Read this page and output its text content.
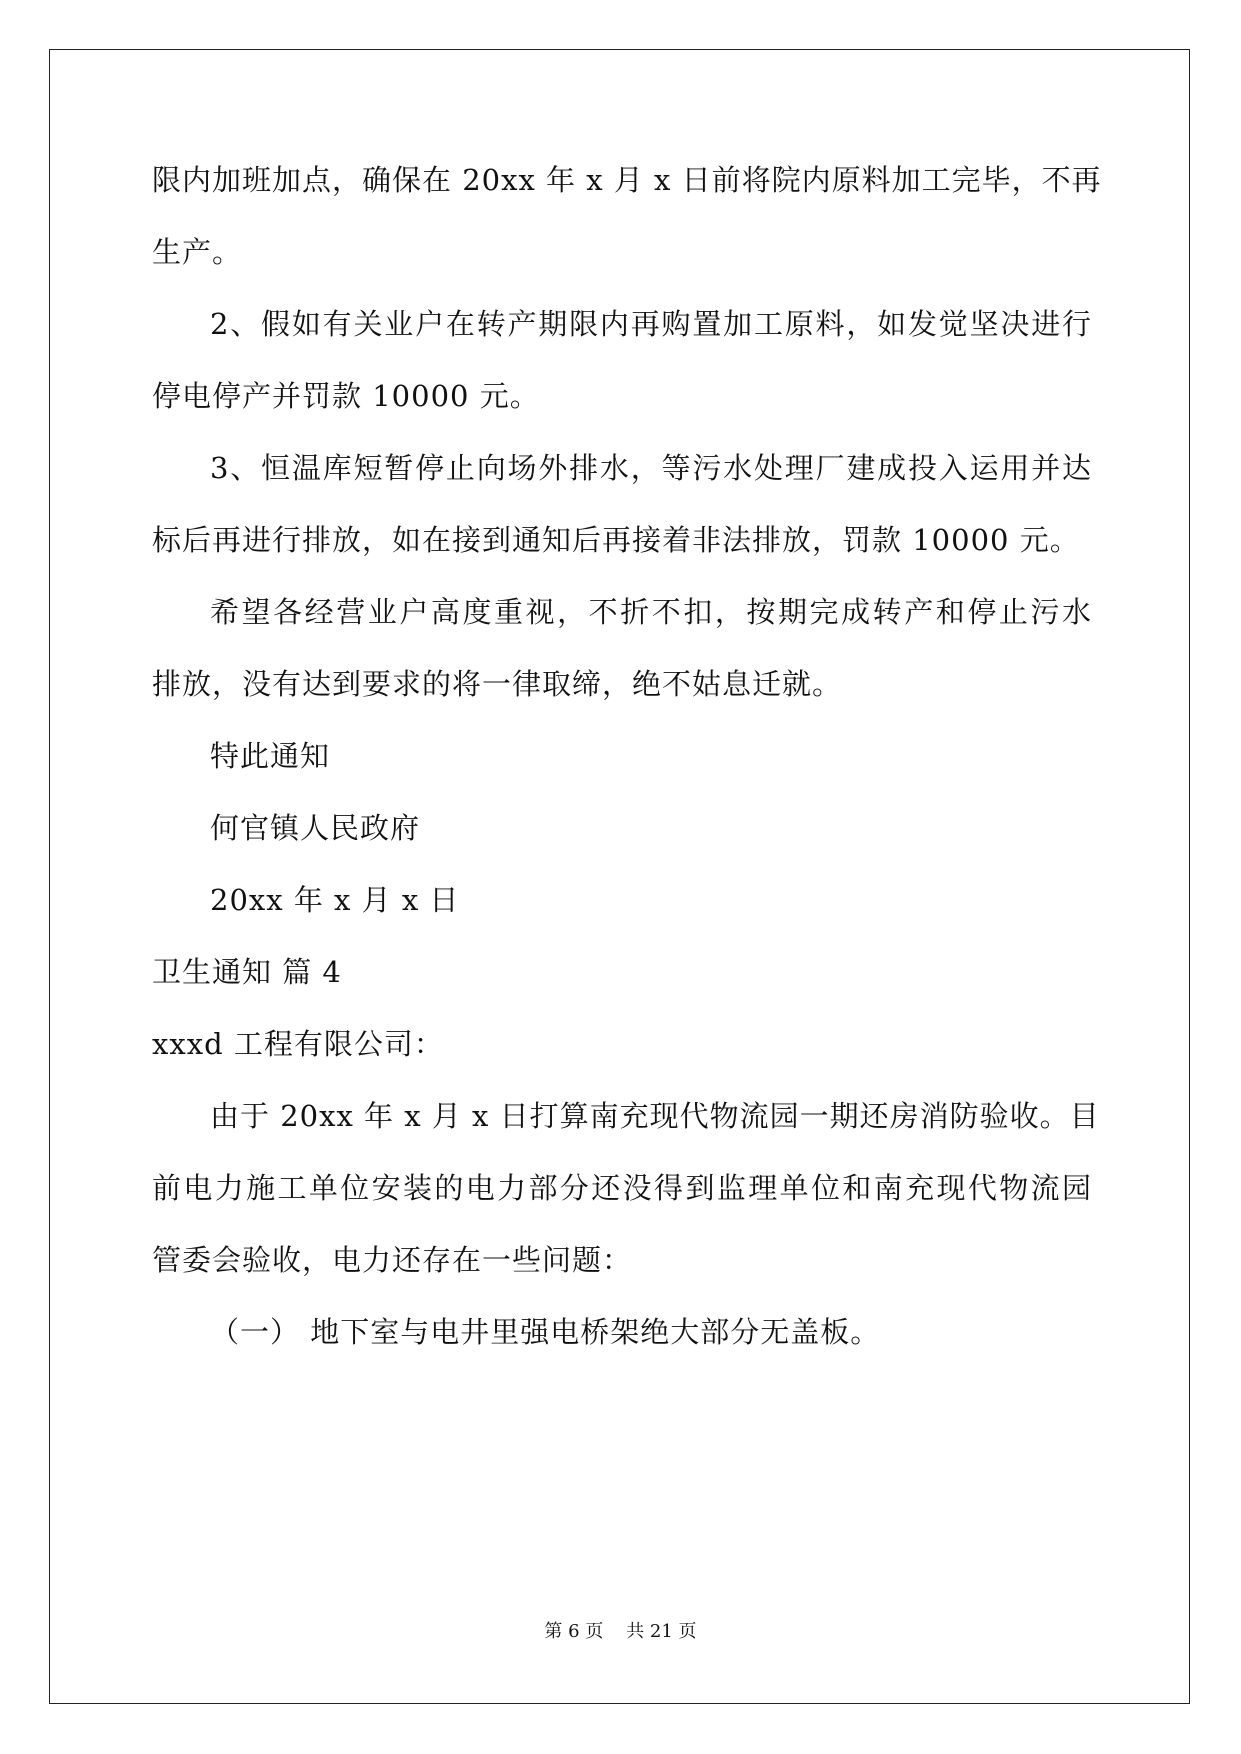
限内加班加点，确保在 20xx 年 x 月 x 日前将院内原料加工完毕，不再
生产。
2、假如有关业户在转产期限内再购置加工原料，如发觉坚决进行
停电停产并罚款 10000 元。
3、恒温库短暂停止向场外排水，等污水处理厂建成投入运用并达
标后再进行排放，如在接到通知后再接着非法排放，罚款 10000 元。
希望各经营业户高度重视，不折不扣，按期完成转产和停止污水
排放，没有达到要求的将一律取缔，绝不姑息迁就。
特此通知
何官镇人民政府
20xx 年 x 月 x 日
卫生通知 篇 4
xxxd 工程有限公司：
由于 20xx 年 x 月 x 日打算南充现代物流园一期还房消防验收。目
前电力施工单位安装的电力部分还没得到监理单位和南充现代物流园
管委会验收，电力还存在一些问题：
（一） 地下室与电井里强电桥架绝大部分无盖板。
第 6 页    共 21 页
